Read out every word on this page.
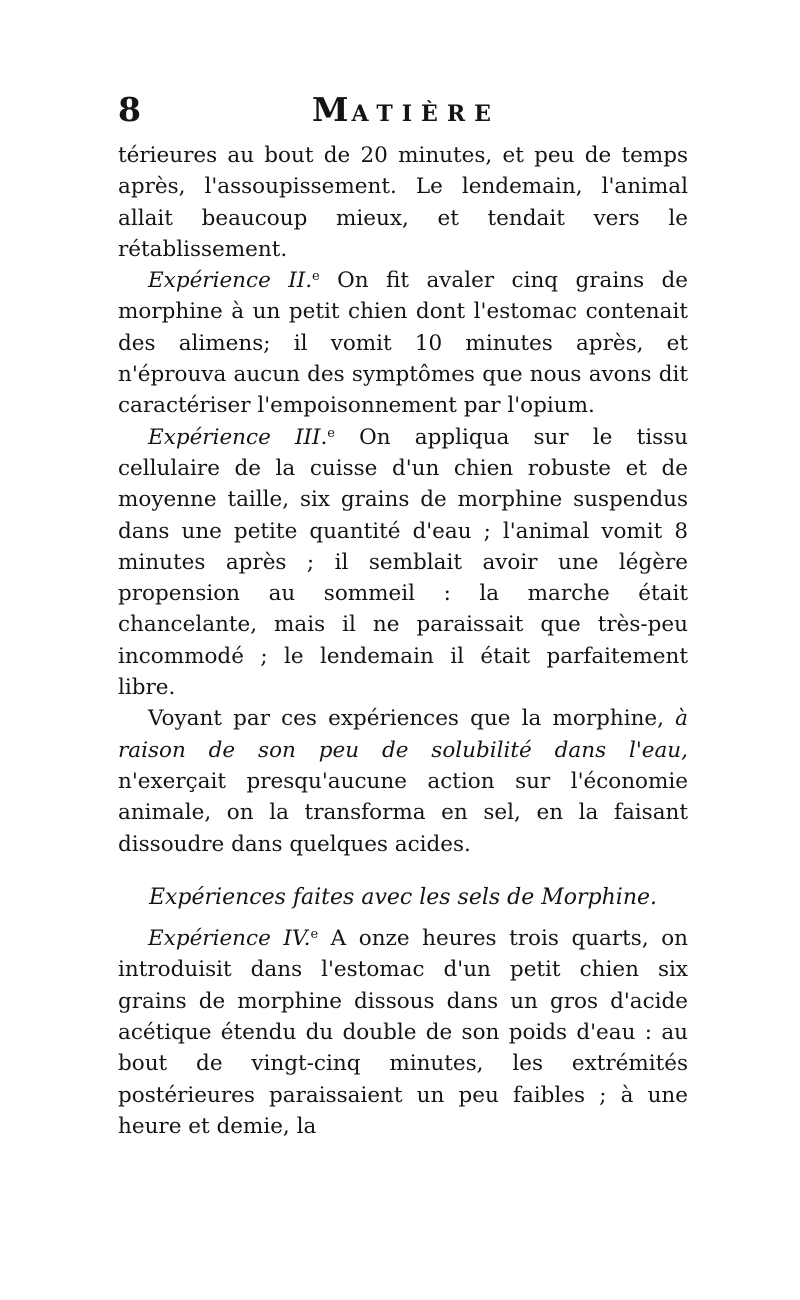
8	MATIÈRE

térieures au bout de 20 minutes, et peu de temps après, l'assoupissement. Le lendemain, l'animal allait beaucoup mieux, et tendait vers le rétablissement.

Expérience II.$^e$ On fit avaler cinq grains de morphine à un petit chien dont l'estomac contenait des alimens; il vomit 10 minutes après, et n'éprouva aucun des symptômes que nous avons dit caractériser l'empoisonnement par l'opium.

Expérience III.$^e$ On appliqua sur le tissu cellulaire de la cuisse d'un chien robuste et de moyenne taille, six grains de morphine suspendus dans une petite quantité d'eau ; l'animal vomit 8 minutes après ; il semblait avoir une légère propension au sommeil : la marche était chancelante, mais il ne paraissait que très-peu incommodé ; le lendemain il était parfaitement libre.

Voyant par ces expériences que la morphine, à raison de son peu de solubilité dans l'eau, n'exerçait presqu'aucune action sur l'économie animale, on la transforma en sel, en la faisant dissoudre dans quelques acides.

Expériences faites avec les sels de Morphine.

Expérience IV.$^e$ A onze heures trois quarts, on introduisit dans l'estomac d'un petit chien six grains de morphine dissous dans un gros d'acide acétique étendu du double de son poids d'eau : au bout de vingt-cinq minutes, les extrémités postérieures paraissaient un peu faibles ; à une heure et demie, la
